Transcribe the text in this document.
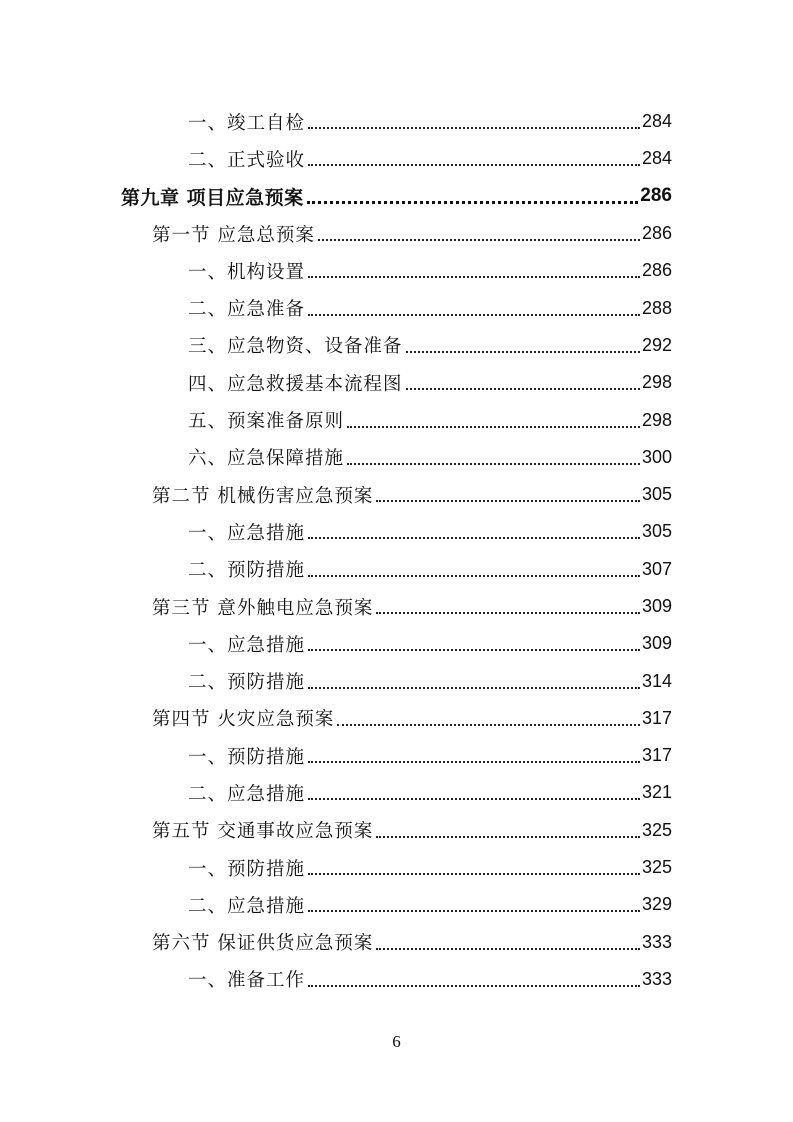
一、竣工自检	284
二、正式验收	284
第九章 项目应急预案	286
第一节 应急总预案	286
一、机构设置	286
二、应急准备	288
三、应急物资、设备准备	292
四、应急救援基本流程图	298
五、预案准备原则	298
六、应急保障措施	300
第二节 机械伤害应急预案	305
一、应急措施	305
二、预防措施	307
第三节 意外触电应急预案	309
一、应急措施	309
二、预防措施	314
第四节 火灾应急预案	317
一、预防措施	317
二、应急措施	321
第五节 交通事故应急预案	325
一、预防措施	325
二、应急措施	329
第六节 保证供货应急预案	333
一、准备工作	333
6
